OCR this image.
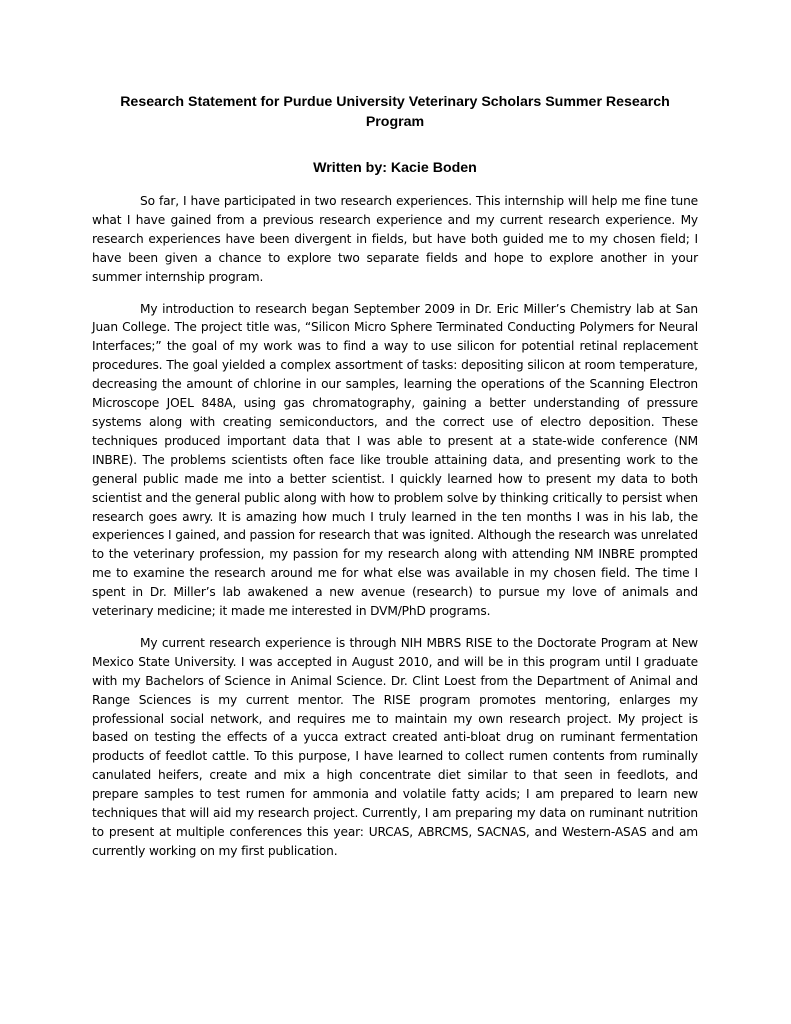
Research Statement for Purdue University Veterinary Scholars Summer Research Program
Written by: Kacie Boden

So far, I have participated in two research experiences. This internship will help me fine tune what I have gained from a previous research experience and my current research experience. My research experiences have been divergent in fields, but have both guided me to my chosen field; I have been given a chance to explore two separate fields and hope to explore another in your summer internship program.

My introduction to research began September 2009 in Dr. Eric Miller’s Chemistry lab at San Juan College. The project title was, “Silicon Micro Sphere Terminated Conducting Polymers for Neural Interfaces;” the goal of my work was to find a way to use silicon for potential retinal replacement procedures. The goal yielded a complex assortment of tasks: depositing silicon at room temperature, decreasing the amount of chlorine in our samples, learning the operations of the Scanning Electron Microscope JOEL 848A, using gas chromatography, gaining a better understanding of pressure systems along with creating semiconductors, and the correct use of electro deposition. These techniques produced important data that I was able to present at a state-wide conference (NM INBRE). The problems scientists often face like trouble attaining data, and presenting work to the general public made me into a better scientist. I quickly learned how to present my data to both scientist and the general public along with how to problem solve by thinking critically to persist when research goes awry. It is amazing how much I truly learned in the ten months I was in his lab, the experiences I gained, and passion for research that was ignited. Although the research was unrelated to the veterinary profession, my passion for my research along with attending NM INBRE prompted me to examine the research around me for what else was available in my chosen field. The time I spent in Dr. Miller’s lab awakened a new avenue (research) to pursue my love of animals and veterinary medicine; it made me interested in DVM/PhD programs.

My current research experience is through NIH MBRS RISE to the Doctorate Program at New Mexico State University. I was accepted in August 2010, and will be in this program until I graduate with my Bachelors of Science in Animal Science. Dr. Clint Loest from the Department of Animal and Range Sciences is my current mentor. The RISE program promotes mentoring, enlarges my professional social network, and requires me to maintain my own research project. My project is based on testing the effects of a yucca extract created anti-bloat drug on ruminant fermentation products of feedlot cattle. To this purpose, I have learned to collect rumen contents from ruminally canulated heifers, create and mix a high concentrate diet similar to that seen in feedlots, and prepare samples to test rumen for ammonia and volatile fatty acids; I am prepared to learn new techniques that will aid my research project. Currently, I am preparing my data on ruminant nutrition to present at multiple conferences this year: URCAS, ABRCMS, SACNAS, and Western-ASAS and am currently working on my first publication.
